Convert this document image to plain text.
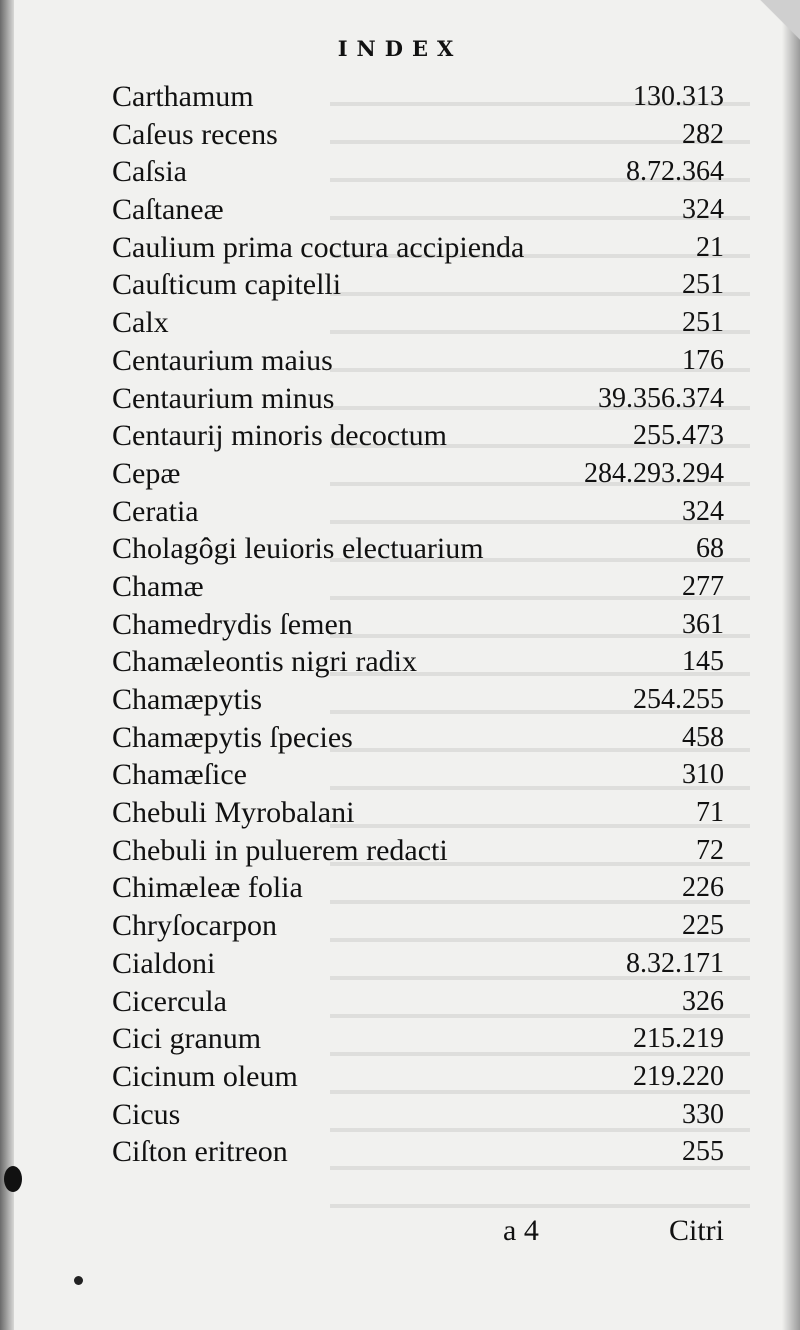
INDEX
Carthamum	130.313
Caſeus recens	282
Caſsia	8.72.364
Caſtaneæ	324
Caulium prima coctura accipienda	21
Cauſticum capitelli	251
Calx	251
Centaurium maius	176
Centaurium minus	39.356.374
Centaurij minoris decoctum	255.473
Cepæ	284.293.294
Ceratia	324
Cholagôgi leuioris electuarium	68
Chamæ	277
Chamedrydis ſemen	361
Chamæleontis nigri radix	145
Chamæpytis	254.255
Chamæpytis ſpecies	458
Chamæſice	310
Chebuli Myrobalani	71
Chebuli in puluerem redacti	72
Chimæleæ folia	226
Chryſocarpon	225
Cialdoni	8.32.171
Cicercula	326
Cici granum	215.219
Cicinum oleum	219.220
Cicus	330
Ciſton eritreon	255
a 4	Citri
